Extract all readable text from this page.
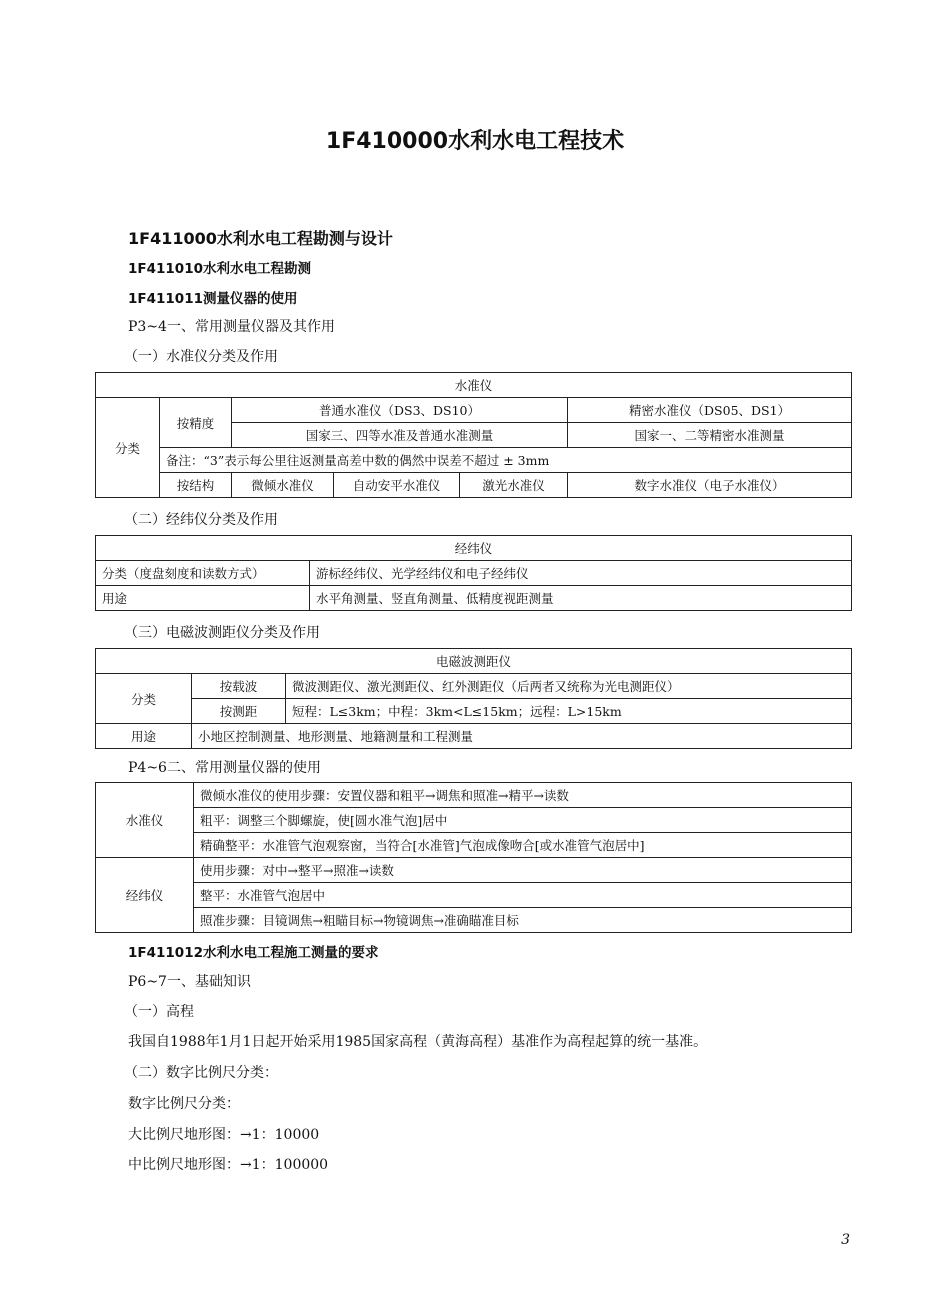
1F410000水利水电工程技术
1F411000水利水电工程勘测与设计
1F411010水利水电工程勘测
1F411011测量仪器的使用
P3~4一、常用测量仪器及其作用
（一）水准仪分类及作用
水准仪					
分类	按精度	普通水准仪（DS3、DS10）			精密水准仪（DS05、DS1）
		国家三、四等水准及普通水准测量			国家一、二等精密水准测量
	备注：“3”表示每公里往返测量高差中数的偶然中误差不超过 ± 3mm				
	按结构	微倾水准仪	自动安平水准仪	激光水准仪	数字水准仪（电子水准仪）
（二）经纬仪分类及作用
经纬仪	
分类（度盘刻度和读数方式）	游标经纬仪、光学经纬仪和电子经纬仪
用途	水平角测量、竖直角测量、低精度视距测量
（三）电磁波测距仪分类及作用
电磁波测距仪		
分类	按载波	微波测距仪、激光测距仪、红外测距仪（后两者又统称为光电测距仪）
	按测距	短程：L≤3km；中程：3km<L≤15km；远程：L>15km
用途	小地区控制测量、地形测量、地籍测量和工程测量	
P4~6二、常用测量仪器的使用
水准仪	微倾水准仪的使用步骤：安置仪器和粗平→调焦和照准→精平→读数
	粗平：调整三个脚螺旋，使[圆水准气泡]居中
	精确整平：水准管气泡观察窗，当符合[水准管]气泡成像吻合[或水准管气泡居中]
经纬仪	使用步骤：对中→整平→照准→读数
	整平：水准管气泡居中
	照准步骤：目镜调焦→粗瞄目标→物镜调焦→准确瞄准目标
1F411012水利水电工程施工测量的要求
P6~7一、基础知识
（一）高程
我国自1988年1月1日起开始采用1985国家高程（黄海高程）基准作为高程起算的统一基准。
（二）数字比例尺分类：
数字比例尺分类：
大比例尺地形图：→1：10000
中比例尺地形图：→1：100000
3
